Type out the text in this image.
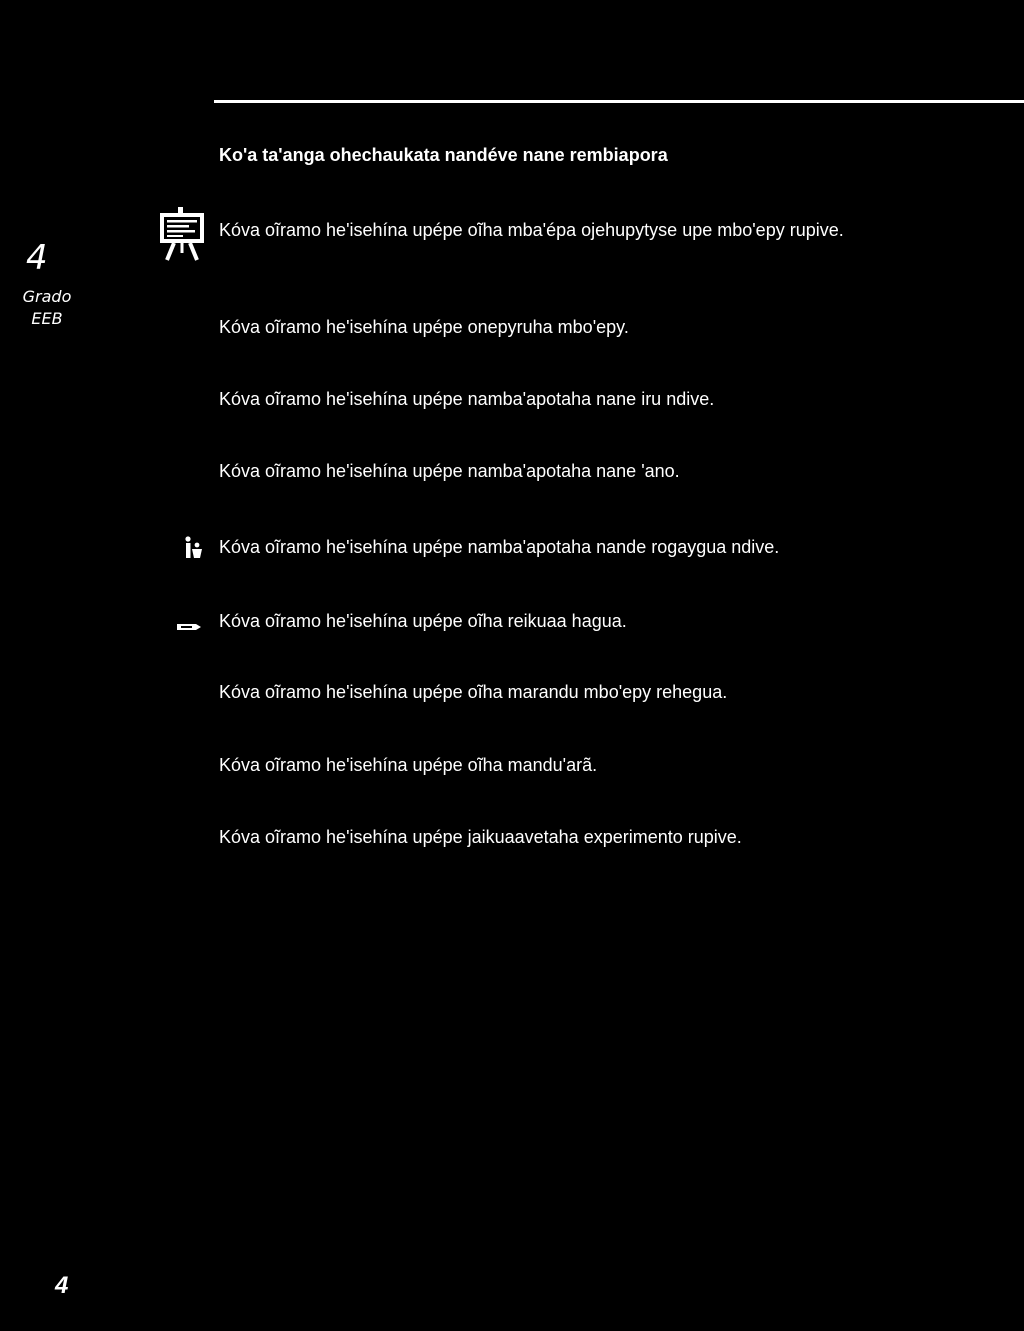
Ko'a ta'anga ohechaukata nandéve nane rembiapora
4
Grado
EEB
Kóva oĩramo he'isehína upépe oĩha mba'épa ojehupytyse upe mbo'epy rupive.
Kóva oĩramo he'isehína upépe onepyruha mbo'epy.
Kóva oĩramo he'isehína upépe namba'apotaha nane iru ndive.
Kóva oĩramo he'isehína upépe namba'apotaha nane 'ano.
Kóva oĩramo he'isehína upépe namba'apotaha nande rogaygua ndive.
Kóva oĩramo he'isehína upépe oĩha reikuaa hagua.
Kóva oĩramo he'isehína upépe oĩha marandu mbo'epy rehegua.
Kóva oĩramo he'isehína upépe oĩha mandu'arã.
Kóva oĩramo he'isehína upépe jaikuaavetaha experimento rupive.
4
